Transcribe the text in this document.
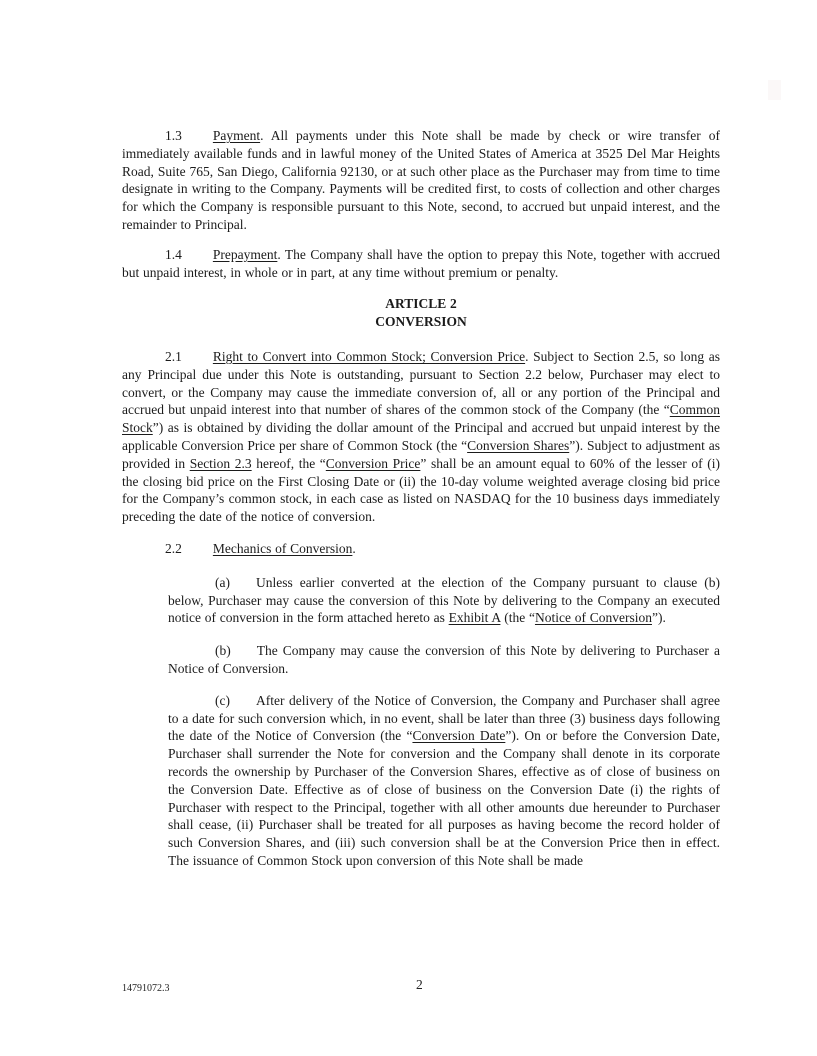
1.3 Payment. All payments under this Note shall be made by check or wire transfer of immediately available funds and in lawful money of the United States of America at 3525 Del Mar Heights Road, Suite 765, San Diego, California 92130, or at such other place as the Purchaser may from time to time designate in writing to the Company. Payments will be credited first, to costs of collection and other charges for which the Company is responsible pursuant to this Note, second, to accrued but unpaid interest, and the remainder to Principal.

1.4 Prepayment. The Company shall have the option to prepay this Note, together with accrued but unpaid interest, in whole or in part, at any time without premium or penalty.

ARTICLE 2

CONVERSION

2.1 Right to Convert into Common Stock; Conversion Price. Subject to Section 2.5, so long as any Principal due under this Note is outstanding, pursuant to Section 2.2 below, Purchaser may elect to convert, or the Company may cause the immediate conversion of, all or any portion of the Principal and accrued but unpaid interest into that number of shares of the common stock of the Company (the “Common Stock”) as is obtained by dividing the dollar amount of the Principal and accrued but unpaid interest by the applicable Conversion Price per share of Common Stock (the “Conversion Shares”). Subject to adjustment as provided in Section 2.3 hereof, the “Conversion Price” shall be an amount equal to 60% of the lesser of (i) the closing bid price on the First Closing Date or (ii) the 10-day volume weighted average closing bid price for the Company’s common stock, in each case as listed on NASDAQ for the 10 business days immediately preceding the date of the notice of conversion.

2.2 Mechanics of Conversion.

(a) Unless earlier converted at the election of the Company pursuant to clause (b) below, Purchaser may cause the conversion of this Note by delivering to the Company an executed notice of conversion in the form attached hereto as Exhibit A (the “Notice of Conversion”).

(b) The Company may cause the conversion of this Note by delivering to Purchaser a Notice of Conversion.

(c) After delivery of the Notice of Conversion, the Company and Purchaser shall agree to a date for such conversion which, in no event, shall be later than three (3) business days following the date of the Notice of Conversion (the “Conversion Date”). On or before the Conversion Date, Purchaser shall surrender the Note for conversion and the Company shall denote in its corporate records the ownership by Purchaser of the Conversion Shares, effective as of close of business on the Conversion Date. Effective as of close of business on the Conversion Date (i) the rights of Purchaser with respect to the Principal, together with all other amounts due hereunder to Purchaser shall cease, (ii) Purchaser shall be treated for all purposes as having become the record holder of such Conversion Shares, and (iii) such conversion shall be at the Conversion Price then in effect. The issuance of Common Stock upon conversion of this Note shall be made

14791072.3	2
